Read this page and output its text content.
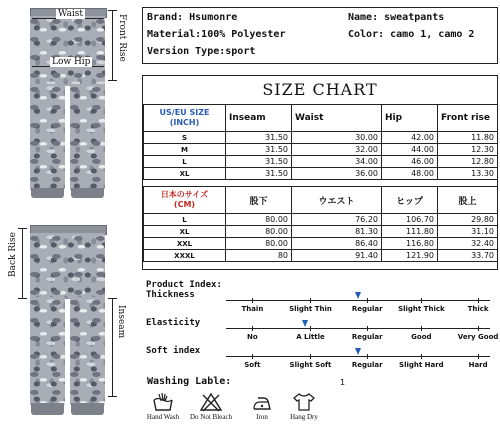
Waist
Low Hip
Front Rise
Back Rise
Inseam
Brand: Hsumonre
Material:100% Polyester
Version Type:sport
Name: sweatpants
Color: camo 1, camo 2
SIZE CHART
US/EU SIZE
(INCH)	Inseam	Waist	Hip	Front rise
S	31.50	30.00	42.00	11.80
M	31.50	32.00	44.00	12.30
L	31.50	34.00	46.00	12.80
XL	31.50	36.00	48.00	13.30
日本のサイズ
(CM)	股下	ウエスト	ヒップ	股上
L	80.00	76.20	106.70	29.80
XL	80.00	81.30	111.80	31.10
XXL	80.00	86.40	116.80	32.40
XXXL	80	91.40	121.90	33.70
Product Index:
Thickness
Thain	Slight Thin	Regular Slight Thick	Thick
Elasticity
No	A Little	Regular	Good	Very Good
Soft index
Soft	Slight Soft	Regular Slight Hard	Hard
Washing Lable:	1
Hand Wash	Do Not Bleach	Iron	Hang Dry
